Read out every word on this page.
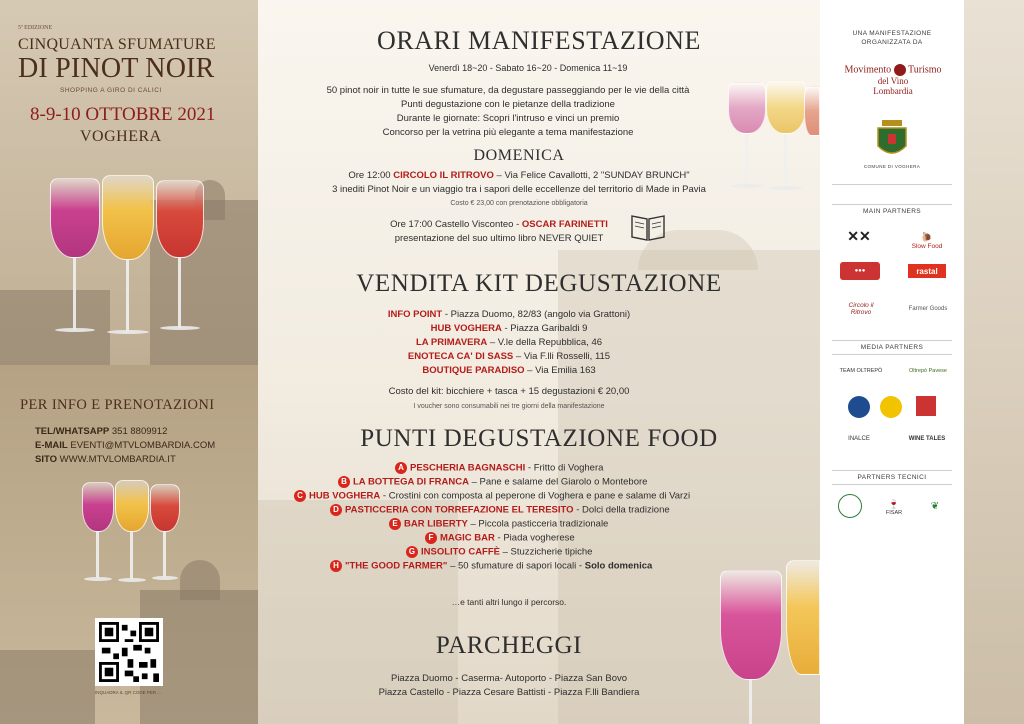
5ª EDIZIONE
CINQUANTA SFUMATURE
DI PINOT NOIR
SHOPPING A GIRO DI CALICI
8-9-10 OTTOBRE 2021
VOGHERA
PER INFO E PRENOTAZIONI
TEL/WHATSAPP 351 8809912
E-MAIL EVENTI@MTVLOMBARDIA.COM
SITO WWW.MTVLOMBARDIA.IT
INQUADRA IL QR CODE PER ...
ORARI MANIFESTAZIONE
Venerdì 18~20 - Sabato 16~20 - Domenica 11~19
50 pinot noir in tutte le sue sfumature, da degustare passeggiando per le vie della città
Punti degustazione con le pietanze della tradizione
Durante le giornate: Scopri l'intruso e vinci un premio
Concorso per la vetrina più elegante a tema manifestazione
DOMENICA
Ore 12:00 CIRCOLO IL RITROVO – Via Felice Cavallotti, 2 "SUNDAY BRUNCH"
3 inediti Pinot Noir e un viaggio tra i sapori delle eccellenze del territorio di Made in Pavia
Costo € 23,00 con prenotazione obbligatoria
Ore 17:00 Castello Visconteo - OSCAR FARINETTI
presentazione del suo ultimo libro NEVER QUIET
VENDITA KIT DEGUSTAZIONE
INFO POINT - Piazza Duomo, 82/83 (angolo via Grattoni)
HUB VOGHERA - Piazza Garibaldi 9
LA PRIMAVERA – V.le della Repubblica, 46
ENOTECA CA' DI SASS – Via F.lli Rosselli, 115
BOUTIQUE PARADISO – Via Emilia 163
Costo del kit: bicchiere + tasca + 15 degustazioni € 20,00
I voucher sono consumabili nei tre giorni della manifestazione
PUNTI DEGUSTAZIONE FOOD
A PESCHERIA BAGNASCHI - Fritto di Voghera
B LA BOTTEGA DI FRANCA – Pane e salame del Giarolo o Montebore
C HUB VOGHERA - Crostini con composta al peperone di Voghera e pane e salame di Varzi
D PASTICCERIA CON TORREFAZIONE EL TERESITO - Dolci della tradizione
E BAR LIBERTY – Piccola pasticceria tradizionale
F MAGIC BAR - Piada vogherese
G INSOLITO CAFFÈ – Stuzzicherie tipiche
H "THE GOOD FARMER" – 50 sfumature di sapori locali - Solo domenica
…e tanti altri lungo il percorso.
PARCHEGGI
Piazza Duomo - Caserma- Autoporto - Piazza San Bovo
Piazza Castello - Piazza Cesare Battisti - Piazza F.lli Bandiera
UNA MANIFESTAZIONE
ORGANIZZATA DA
Movimento Turismo
del Vino
Lombardia
COMUNE DI VOGHERA
MAIN PARTNERS
✕✕	🐌
Slow Food
●●●	rastal
Circolo il Ritrovo	Farmer Goods
MEDIA PARTNERS
TEAM OLTREPÒ	Oltrepò Pavese
INALCE	WINE TALES
PARTNERS TECNICI
🍷
FISAR
❦
